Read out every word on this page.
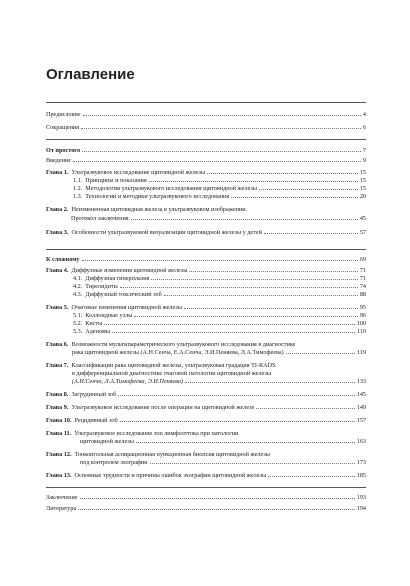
Оглавление
Предисловие	4
Сокращения	6
От простого	7
Введение	9
Глава 1. Ультразвуковое исследование щитовидной железы	15
1.1. Принципы и показания	15
1.2. Методология ультразвукового исследования щитовидной железы	15
1.3. Технологии и методики ультразвукового исследования	20
Глава 2. Неизмененная щитовидная железа в ультразвуковом изображении.
Протокол заключения	45
Глава 3. Особенности ультразвуковой визуализации щитовидной железы у детей	57
К сложному	69
Глава 4. Диффузные изменения щитовидной железы	71
4.1. Диффузная гиперплазия	71
4.2. Тиреоидиты	74
4.3. Диффузный токсический зоб	88
Глава 5. Очаговые изменения щитовидной железы	95
5.1. Коллоидные узлы	96
5.2. Кисты	100
5.3. Аденомы	110
Глава 6. Возможности мультипараметрического ультразвукового исследования в диагностике
рака щитовидной железы (А.Н.Сенча, Е.А.Сенча, Э.И.Пеняева, Л.А.Тимофеева)	119
Глава 7. Классификации рака щитовидной железы, ультразвуковая градация TI-RADS
в дифференциальной диагностике очаговой патологии щитовидной железы
(А.Н.Сенча, Л.А.Тимофеева, Э.И.Пеняева)	133
Глава 8. Загрудинный зоб	145
Глава 9. Ультразвуковое исследование после операции на щитовидной железе	149
Глава 10. Рецидивный зоб	157
Глава 11. Ультразвуковое исследование зон лимфооттока при патологии
щитовидной железы	163
Глава 12. Тонкоигольная аспирационная пункционная биопсия щитовидной железы
под контролем эхографии	173
Глава 13. Основные трудности и причины ошибок эхографии щитовидной железы	185
Заключение	193
Литература	194
